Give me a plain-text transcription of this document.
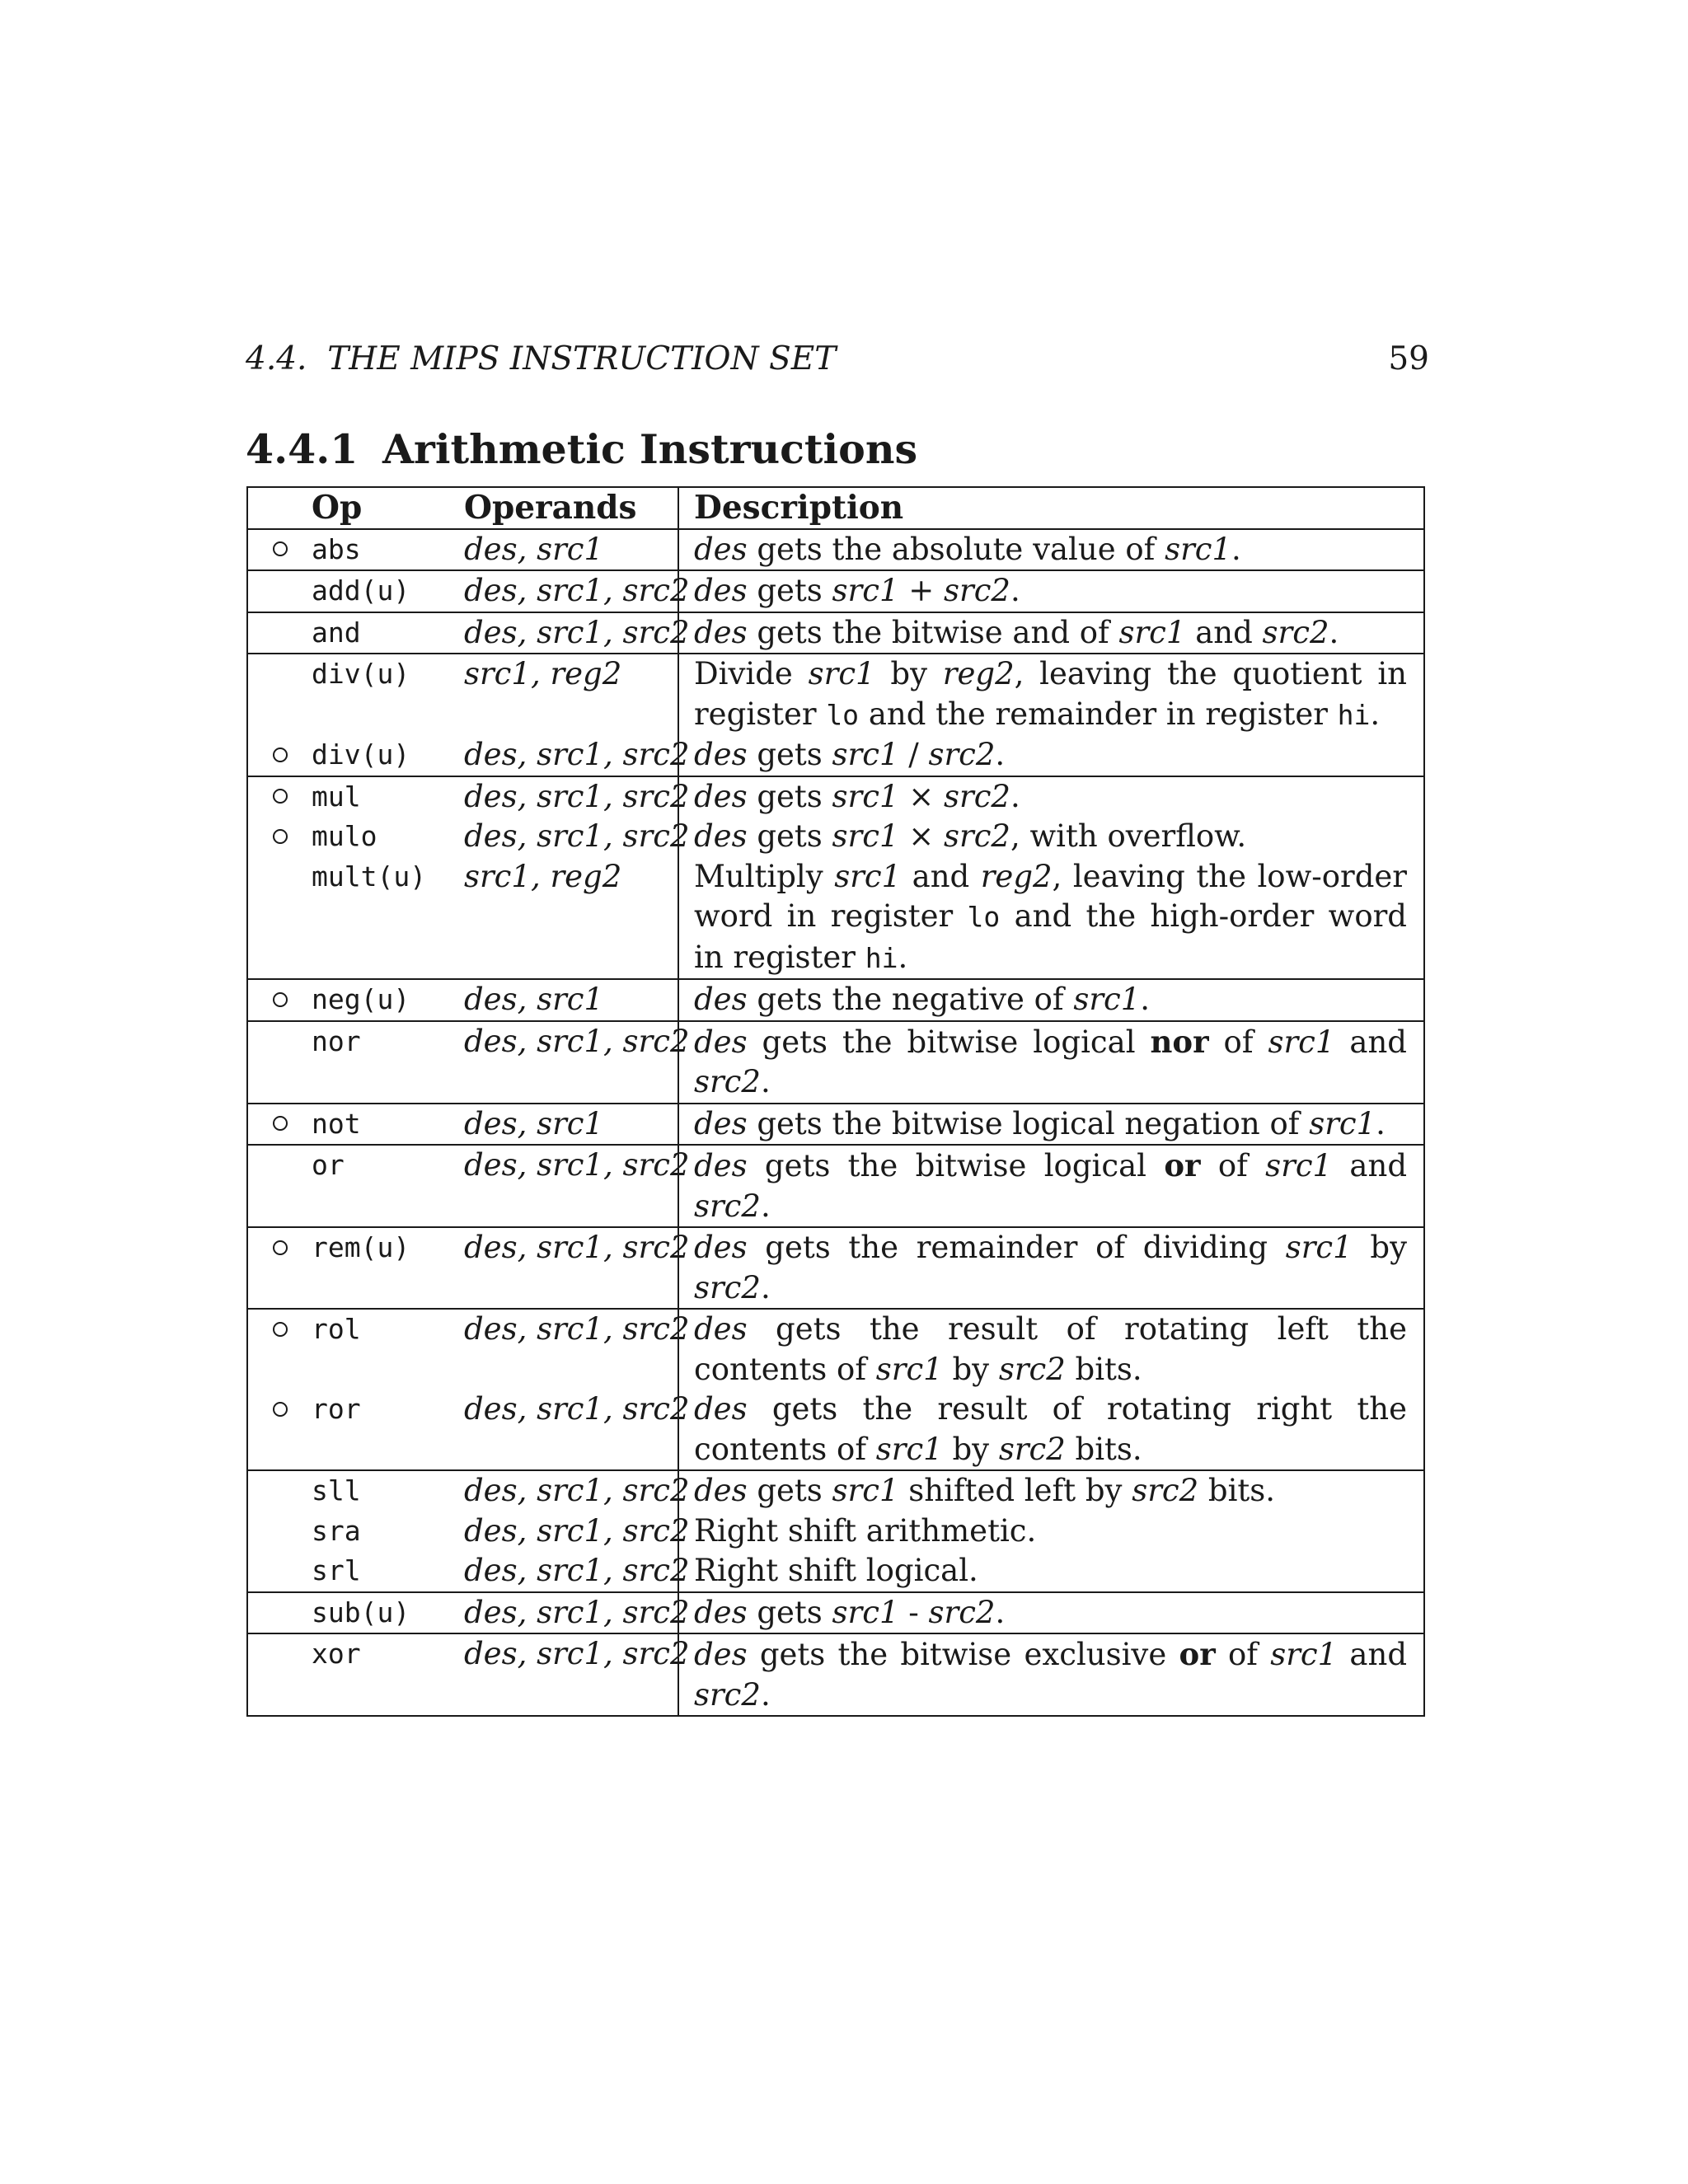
4.4.  THE MIPS INSTRUCTION SET	59
4.4.1 Arithmetic Instructions
	Op	Operands	Description
	abs	des, src1	des gets the absolute value of src1.
	add(u)	des, src1, src2	des gets src1 + src2.
	and	des, src1, src2	des gets the bitwise and of src1 and src2.
	div(u)	src1, reg2	Divide src1 by reg2, leaving the quotient in register lo and the remainder in register hi.
	div(u)	des, src1, src2	des gets src1 / src2.
	mul	des, src1, src2	des gets src1 × src2.
	mulo	des, src1, src2	des gets src1 × src2, with overflow.
	mult(u)	src1, reg2	Multiply src1 and reg2, leaving the low-order word in register lo and the high-order word in register hi.
	neg(u)	des, src1	des gets the negative of src1.
	nor	des, src1, src2	des gets the bitwise logical nor of src1 and src2.
	not	des, src1	des gets the bitwise logical negation of src1.
	or	des, src1, src2	des gets the bitwise logical or of src1 and src2.
	rem(u)	des, src1, src2	des gets the remainder of dividing src1 by src2.
	rol	des, src1, src2	des gets the result of rotating left the contents of src1 by src2 bits.
	ror	des, src1, src2	des gets the result of rotating right the contents of src1 by src2 bits.
	sll	des, src1, src2	des gets src1 shifted left by src2 bits.
	sra	des, src1, src2	Right shift arithmetic.
	srl	des, src1, src2	Right shift logical.
	sub(u)	des, src1, src2	des gets src1 - src2.
	xor	des, src1, src2	des gets the bitwise exclusive or of src1 and src2.
